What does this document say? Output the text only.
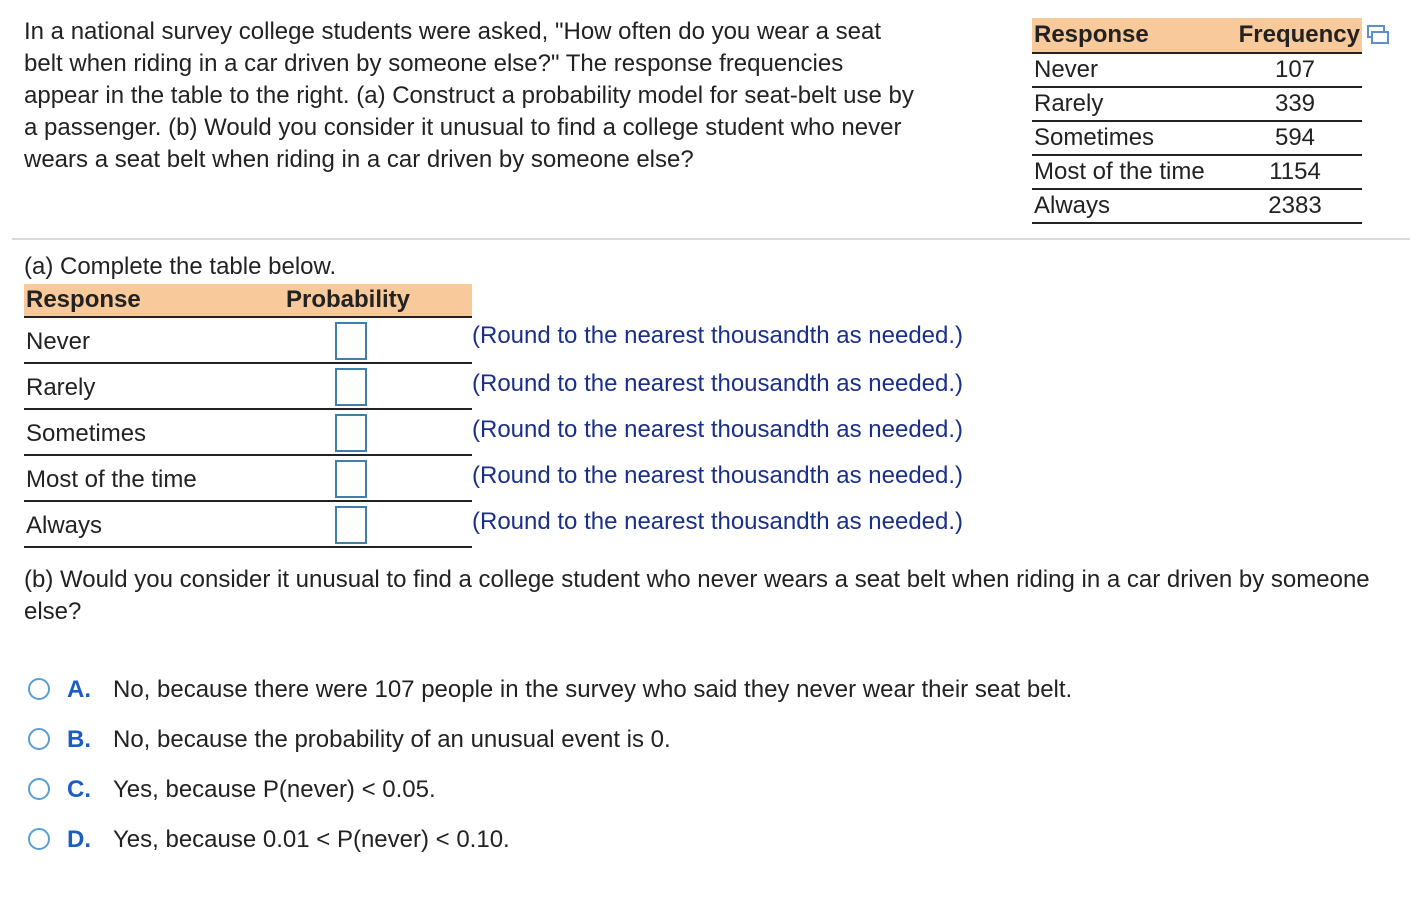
In a national survey college students were asked, "How often do you wear a seat belt when riding in a car driven by someone else?" The response frequencies appear in the table to the right. (a) Construct a probability model for seat-belt use by a passenger. (b) Would you consider it unusual to find a college student who never wears a seat belt when riding in a car driven by someone else?
Response	Frequency
Never	107
Rarely	339
Sometimes	594
Most of the time	1154
Always	2383
(a) Complete the table below.
Response	Probability
Never	(Round to the nearest thousandth as needed.)
Rarely	(Round to the nearest thousandth as needed.)
Sometimes	(Round to the nearest thousandth as needed.)
Most of the time	(Round to the nearest thousandth as needed.)
Always	(Round to the nearest thousandth as needed.)
(b) Would you consider it unusual to find a college student who never wears a seat belt when riding in a car driven by someone else?
A. No, because there were 107 people in the survey who said they never wear their seat belt.
B. No, because the probability of an unusual event is 0.
C. Yes, because P(never) < 0.05.
D. Yes, because 0.01 < P(never) < 0.10.
